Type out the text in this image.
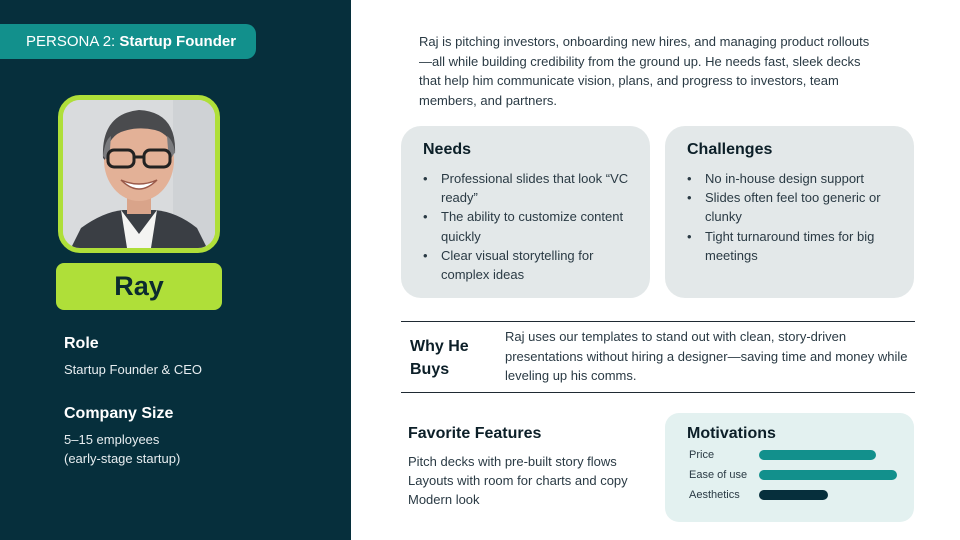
PERSONA 2: Startup Founder
Ray
Role
Startup Founder & CEO
Company Size
5–15 employees
(early-stage startup)

Raj is pitching investors, onboarding new hires, and managing product rollouts—all while building credibility from the ground up. He needs fast, sleek decks that help him communicate vision, plans, and progress to investors, team members, and partners.

Needs
• Professional slides that look “VC ready”
• The ability to customize content quickly
• Clear visual storytelling for complex ideas
Challenges
• No in-house design support
• Slides often feel too generic or clunky
• Tight turnaround times for big meetings
Why He Buys

Raj uses our templates to stand out with clean, story-driven presentations without hiring a designer—saving time and money while leveling up his comms.

Favorite Features
Pitch decks with pre-built story flows
Layouts with room for charts and copy
Modern look
Motivations
Price
Ease of use
Aesthetics
